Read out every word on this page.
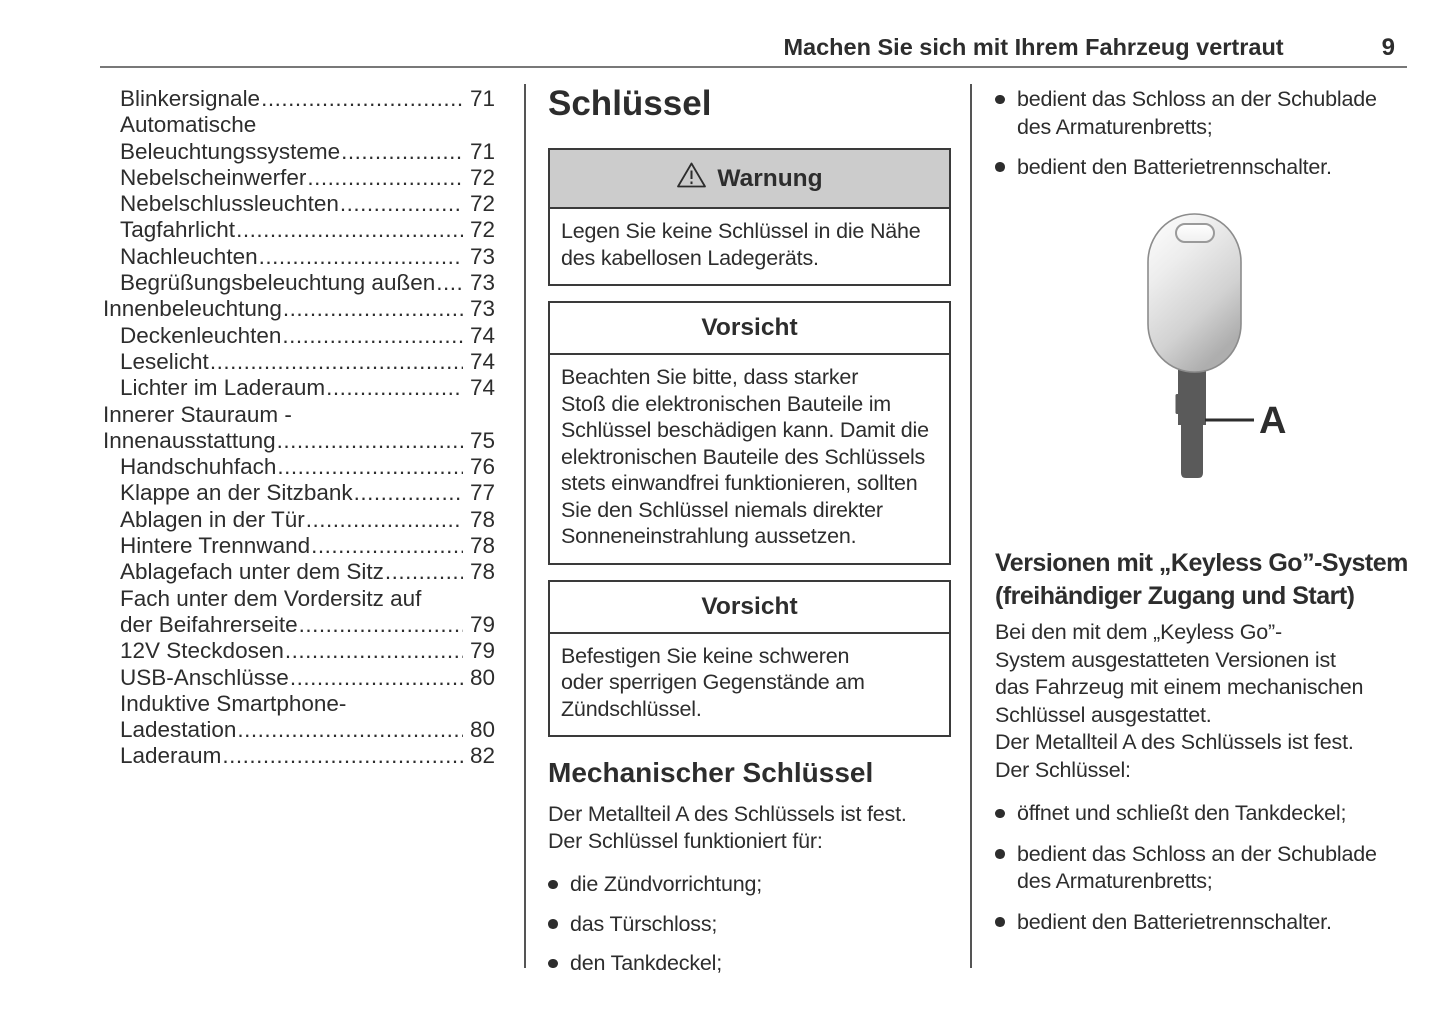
Machen Sie sich mit Ihrem Fahrzeug vertraut	9
Blinkersignale .....	71
Automatische
Beleuchtungssysteme .....	71
Nebelscheinwerfer .....	72
Nebelschlussleuchten .....	72
Tagfahrlicht .....	72
Nachleuchten .....	73
Begrüßungsbeleuchtung außen ..... 73
Innenbeleuchtung .....	73
Deckenleuchten .....	74
Leselicht .....	74
Lichter im Laderaum .....	74
Innerer Stauraum -
Innenausstattung .....	75
Handschuhfach .....	76
Klappe an der Sitzbank .....	77
Ablagen in der Tür .....	78
Hintere Trennwand .....	78
Ablagefach unter dem Sitz .....	78
Fach unter dem Vordersitz auf
der Beifahrerseite .....	79
12V Steckdosen .....	79
USB-Anschlüsse .....	80
Induktive Smartphone-
Ladestation .....	80
Laderaum .....	82
Schlüssel
Warnung
Legen Sie keine Schlüssel in die Nähe
des kabellosen Ladegeräts.
Vorsicht
Beachten Sie bitte, dass starker
Stoß die elektronischen Bauteile im
Schlüssel beschädigen kann. Damit die
elektronischen Bauteile des Schlüssels
stets einwandfrei funktionieren, sollten
Sie den Schlüssel niemals direkter
Sonneneinstrahlung aussetzen.
Vorsicht
Befestigen Sie keine schweren
oder sperrigen Gegenstände am
Zündschlüssel.
Mechanischer Schlüssel
Der Metallteil A des Schlüssels ist fest.
Der Schlüssel funktioniert für:
die Zündvorrichtung;
das Türschloss;
den Tankdeckel;
bedient das Schloss an der Schublade
des Armaturenbretts;
bedient den Batterietrennschalter.
A
Versionen mit „Keyless Go”-System
(freihändiger Zugang und Start)
Bei den mit dem „Keyless Go”-
System ausgestatteten Versionen ist
das Fahrzeug mit einem mechanischen
Schlüssel ausgestattet.
Der Metallteil A des Schlüssels ist fest.
Der Schlüssel:
öffnet und schließt den Tankdeckel;
bedient das Schloss an der Schublade
des Armaturenbretts;
bedient den Batterietrennschalter.
